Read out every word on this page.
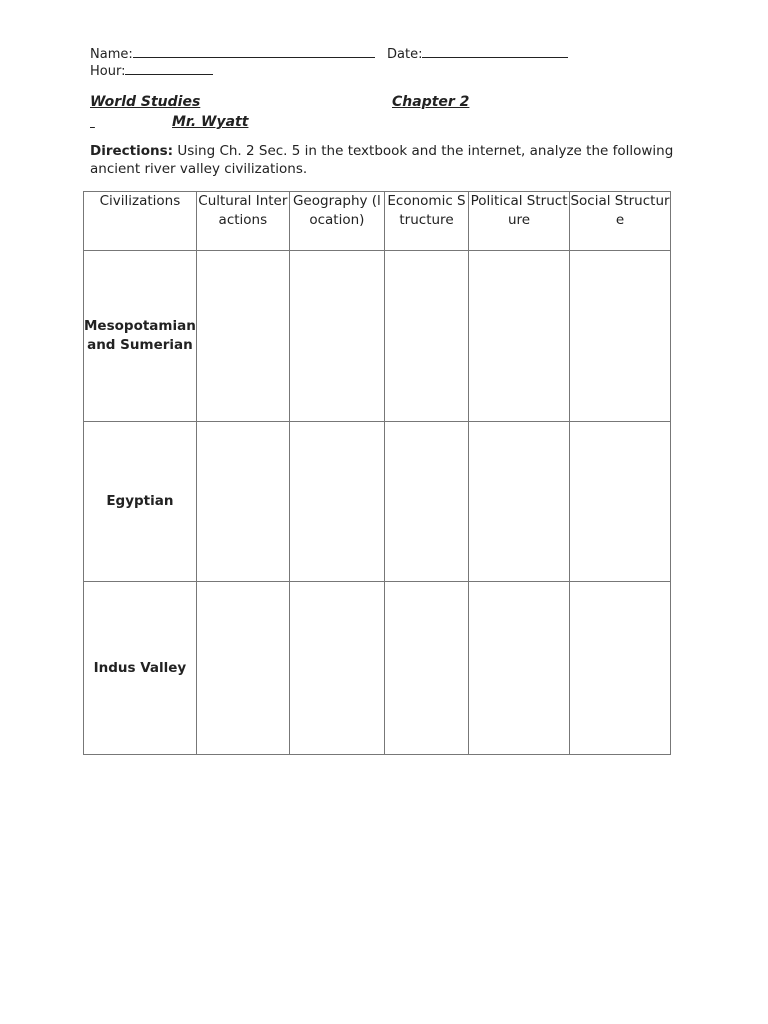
Name:	Date:
Hour:
World Studies	Chapter 2
Mr. Wyatt
Directions: Using Ch. 2 Sec. 5 in the textbook and the internet, analyze the following ancient river valley civilizations.
Civilizations	Cultural Interactions	Geography (location)	Economic Structure	Political Structure	Social Structure
Mesopotamian and Sumerian					
Egyptian					
Indus Valley					
